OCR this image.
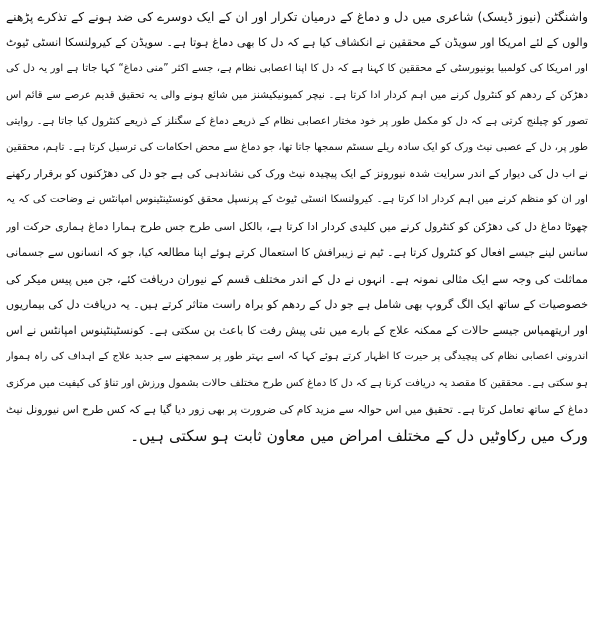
واشنگٹن (نیوز ڈیسک) شاعری میں دل و دماغ کے درمیان تکرار اور ان کے ایک دوسرے کی ضد ہونے کے تذکرے پڑھنے
والوں کے لئے امریکا اور سویڈن کے محققین نے انکشاف کیا ہے کہ دل کا بھی دماغ ہوتا ہے۔ سویڈن کے کیرولنسکا انسٹی ٹیوٹ
اور امریکا کی کولمبیا یونیورسٹی کے محققین کا کہنا ہے کہ دل کا اپنا اعصابی نظام ہے، جسے اکثر ”منی دماغ“ کہا جاتا ہے اور یہ دل کی
دھڑکن کے ردھم کو کنٹرول کرنے میں اہم کردار ادا کرتا ہے۔ نیچر کمیونیکیشنز میں شائع ہونے والی یہ تحقیق قدیم عرصے سے قائم اس
تصور کو چیلنج کرتی ہے کہ دل کو مکمل طور پر خود مختار اعصابی نظام کے ذریعے دماغ کے سگنلز کے ذریعے کنٹرول کیا جاتا ہے۔ روایتی
طور پر، دل کے عصبی نیٹ ورک کو ایک سادہ ریلے سسٹم سمجھا جاتا تھا، جو دماغ سے محض احکامات کی ترسیل کرتا ہے۔ تاہم، محققین
نے اب دل کی دیوار کے اندر سرایت شدہ نیورونز کے ایک پیچیدہ نیٹ ورک کی نشاندہی کی ہے جو دل کی دھڑکنوں کو برقرار رکھنے
اور ان کو منظم کرنے میں اہم کردار ادا کرتا ہے۔ کیرولنسکا انسٹی ٹیوٹ کے پرنسپل محقق کونسٹینٹینوس امپانٹس نے وضاحت کی کہ یہ
چھوٹا دماغ دل کی دھڑکن کو کنٹرول کرنے میں کلیدی کردار ادا کرتا ہے، بالکل اسی طرح جس طرح ہمارا دماغ ہماری حرکت اور
سانس لینے جیسے افعال کو کنٹرول کرتا ہے۔ ٹیم نے زیبرافش کا استعمال کرتے ہوئے اپنا مطالعہ کیا، جو کہ انسانوں سے جسمانی
مماثلت کی وجہ سے ایک مثالی نمونہ ہے۔ انہوں نے دل کے اندر مختلف قسم کے نیوران دریافت کئے، جن میں پیس میکر کی
خصوصیات کے ساتھ ایک الگ گروپ بھی شامل ہے جو دل کے ردھم کو براہ راست متاثر کرتے ہیں۔ یہ دریافت دل کی بیماریوں
اور اریتھمیاس جیسے حالات کے ممکنہ علاج کے بارے میں نئی پیش رفت کا باعث بن سکتی ہے۔ کونسٹینٹینوس امپانٹس نے اس
اندرونی اعصابی نظام کی پیچیدگی پر حیرت کا اظہار کرتے ہوئے کہا کہ اسے بہتر طور پر سمجھنے سے جدید علاج کے اہداف کی راہ ہموار
ہو سکتی ہے۔ محققین کا مقصد یہ دریافت کرنا ہے کہ دل کا دماغ کس طرح مختلف حالات بشمول ورزش اور تناؤ کی کیفیت میں مرکزی
دماغ کے ساتھ تعامل کرتا ہے۔ تحقیق میں اس حوالہ سے مزید کام کی ضرورت پر بھی زور دیا گیا ہے کہ کس طرح اس نیورونل نیٹ
ورک میں رکاوٹیں دل کے مختلف امراض میں معاون ثابت ہو سکتی ہیں۔
